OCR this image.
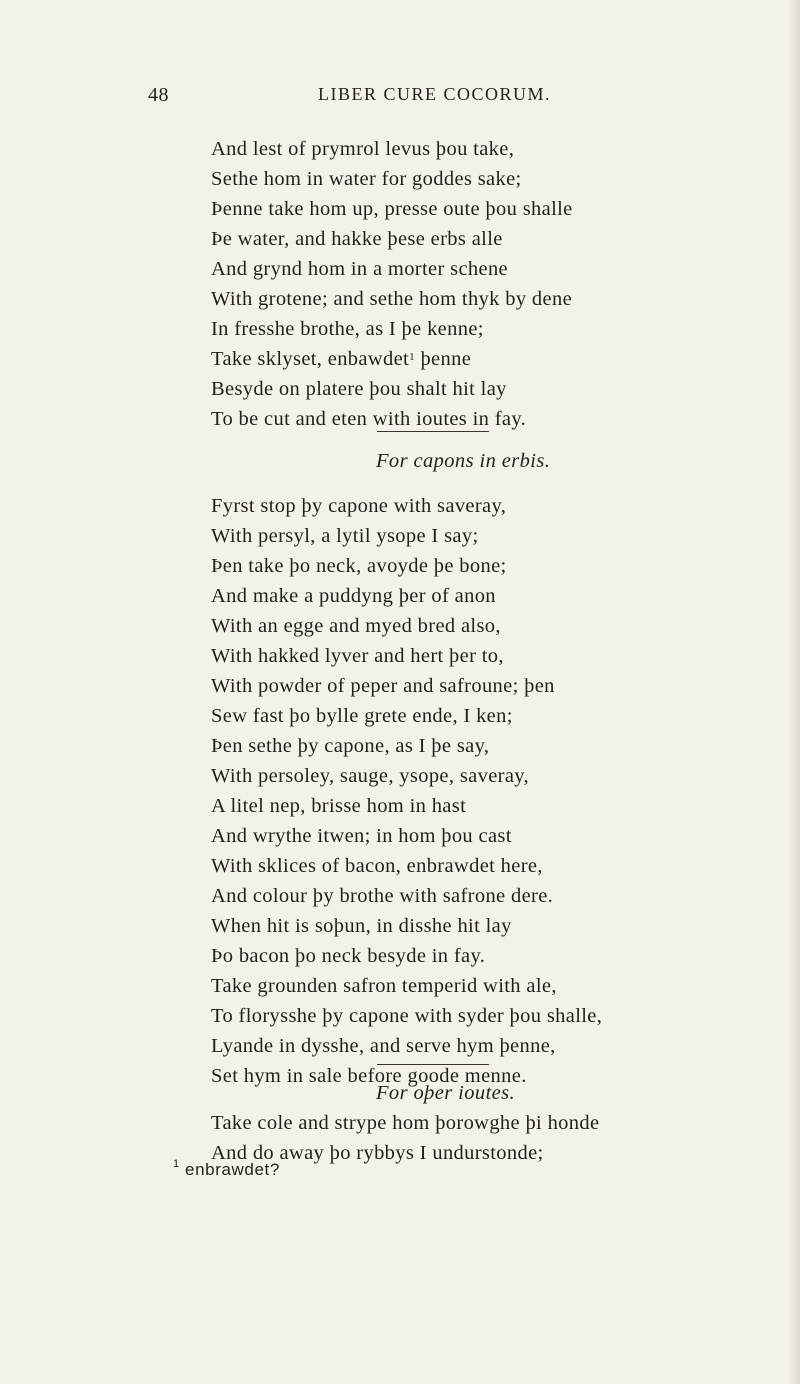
48	LIBER CURE COCORUM.
And lest of prymrol levus þou take,
Sethe hom in water for goddes sake;
Þenne take hom up, presse oute þou shalle
Þe water, and hakke þese erbs alle
And grynd hom in a morter schene
With grotene; and sethe hom thyk by dene
In fresshe brothe, as I þe kenne;
Take sklyset, enbawdet$^1$ þenne
Besyde on platere þou shalt hit lay
To be cut and eten with ioutes in fay.
For capons in erbis.
Fyrst stop þy capone with saveray,
With persyl, a lytil ysope I say;
Þen take þo neck, avoyde þe bone;
And make a puddyng þer of anon
With an egge and myed bred also,
With hakked lyver and hert þer to,
With powder of peper and safroune; þen
Sew fast þo bylle grete ende, I ken;
Þen sethe þy capone, as I þe say,
With persoley, sauge, ysope, saveray,
A litel nep, brisse hom in hast
And wrythe itwen; in hom þou cast
With sklices of bacon, enbrawdet here,
And colour þy brothe with safrone dere.
When hit is soþun, in disshe hit lay
Þo bacon þo neck besyde in fay.
Take grounden safron temperid with ale,
To florysshe þy capone with syder þou shalle,
Lyande in dysshe, and serve hym þenne,
Set hym in sale before goode menne.
For oþer ioutes.
Take cole and strype hom þorowghe þi honde
And do away þo rybbys I undurstonde;
$^1$ enbrawdet?
